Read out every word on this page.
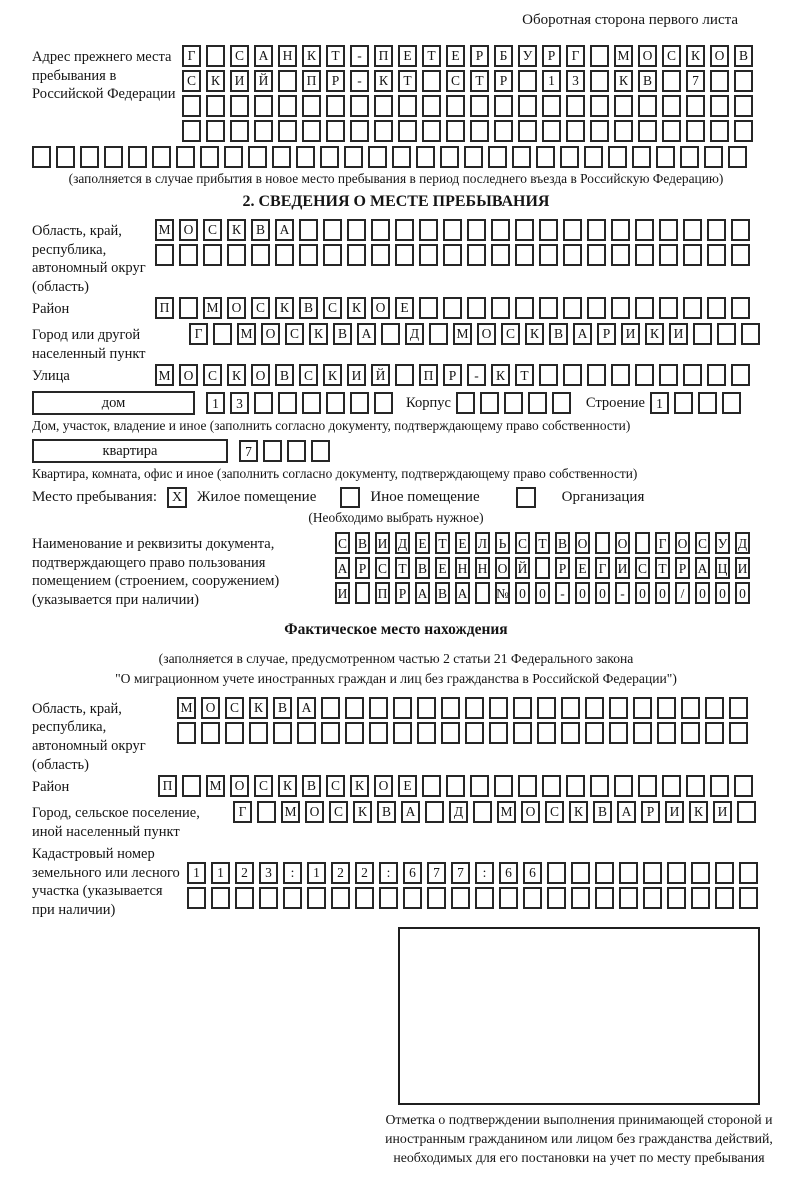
Оборотная сторона первого листа
Адрес прежнего места пребывания в Российской Федерации
Г	С	А	Н	К	Т	-	П	Е	Т	Е	Р	Б	У	Р	Г	М О	С	К	О	В
С	К	И	Й	П	Р	-	К	Т	С	Т	Р	1	3	К	В	7
(заполняется в случае прибытия в новое место пребывания в период последнего въезда в Российскую Федерацию)
2. СВЕДЕНИЯ О МЕСТЕ ПРЕБЫВАНИЯ
Область, край, республика, автономный округ (область)
М О	С	К	В	А
Район	П	М О	С	К	В	С	К	О	Е
Город или другой населенный пункт
Г	М О	С	К	В	А	Д	М О	С	К	В	А	Р	И	К	И
Улица	М О	С	К	О	В	С	К	И	Й	П	Р	-	К	Т
дом	1	3	Корпус	Строение 1
Дом, участок, владение и иное (заполнить согласно документу, подтверждающему право собственности)
квартира	7
Квартира, комната, офис и иное (заполнить согласно документу, подтверждающему право собственности)
Место пребывания:	X Жилое помещение	Иное помещение	Организация
(Необходимо выбрать нужное)
Наименование и реквизиты документа, подтверждающего право пользования помещением (строением, сооружением) (указывается при наличии)
С В И Д Е Т Е Л Ь С Т В О О Г О С У Д
А Р С Т В Е Н Н О Й Р Е Г И С Т Р А Ц И
И П Р А В А № 0 0	-	0 0	-	0 0	/	0 0 0
Фактическое место нахождения
(заполняется в случае, предусмотренном частью 2 статьи 21 Федерального закона
"О миграционном учете иностранных граждан и лиц без гражданства в Российской Федерации")
Область, край, республика, автономный округ (область)
М О	С	К	В	А
Район	П	М О	С	К	В	С	К	О	Е
Город, сельское поселение, иной населенный пункт
Г	М О	С	К	В	А	Д	М О	С	К	В	А	Р	И	К	И
Кадастровый номер земельного или лесного участка (указывается при наличии)
1	1	2	3	:	1	2	2	:	6	7	7	:	6	6
Отметка о подтверждении выполнения принимающей стороной и иностранным гражданином или лицом без гражданства действий, необходимых для его постановки на учет по месту пребывания
